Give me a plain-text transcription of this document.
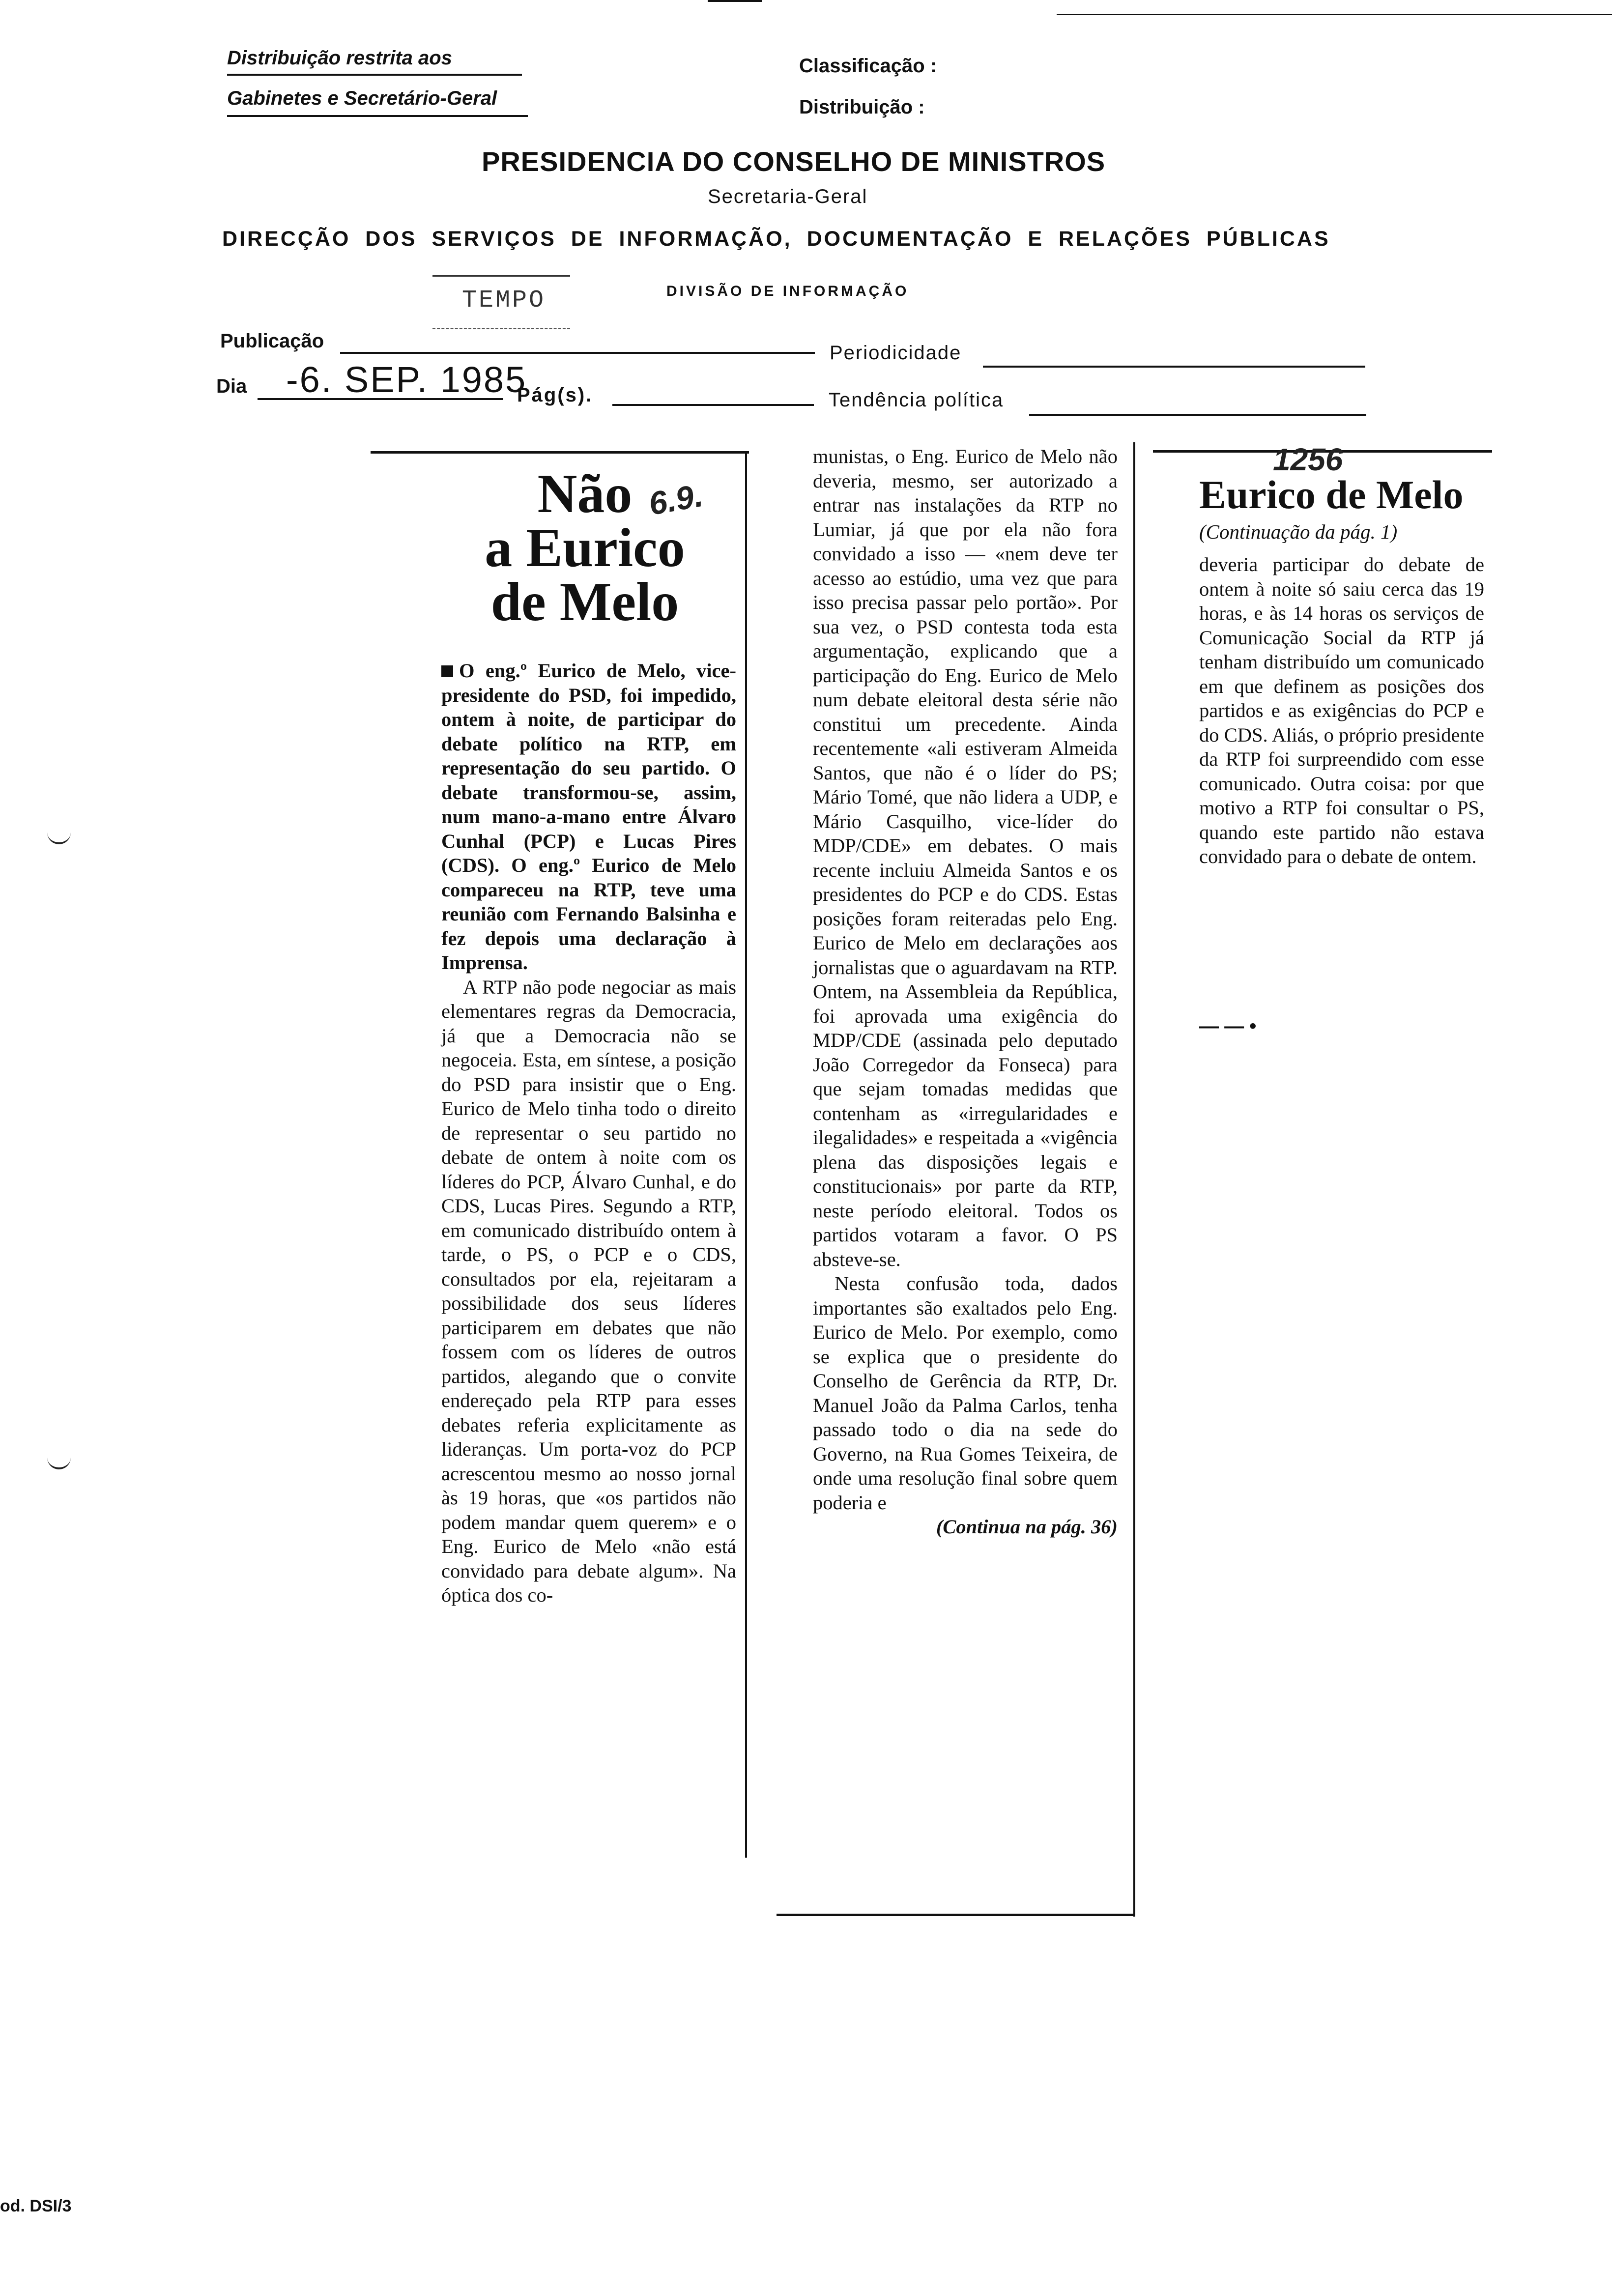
Distribuição restrita aos
Gabinetes e Secretário-Geral
Classificação :
Distribuição :
PRESIDENCIA DO CONSELHO DE MINISTROS
Secretaria-Geral
DIRECÇÃO DOS SERVIÇOS DE INFORMAÇÃO, DOCUMENTAÇÃO E RELAÇÕES PÚBLICAS
TEMPO	DIVISÃO DE INFORMAÇÃO
Publicação
Periodicidade
Dia -6. SEP. 1985
Pág(s).	Tendência política
Não
a Eurico
de Melo
6.9.

O eng.º Eurico de Melo, vice-presidente do PSD, foi impedido, ontem à noite, de participar do debate político na RTP, em representação do seu partido. O debate transformou-se, assim, num mano-a-mano entre Álvaro Cunhal (PCP) e Lucas Pires (CDS). O eng.º Eurico de Melo compareceu na RTP, teve uma reunião com Fernando Balsinha e fez depois uma declaração à Imprensa.

A RTP não pode negociar as mais elementares regras da Democracia, já que a Democracia não se negoceia. Esta, em síntese, a posição do PSD para insistir que o Eng. Eurico de Melo tinha todo o direito de representar o seu partido no debate de ontem à noite com os líderes do PCP, Álvaro Cunhal, e do CDS, Lucas Pires. Segundo a RTP, em comunicado distribuído ontem à tarde, o PS, o PCP e o CDS, consultados por ela, rejeitaram a possibilidade dos seus líderes participarem em debates que não fossem com os líderes de outros partidos, alegando que o convite endereçado pela RTP para esses debates referia explicitamente as lideranças. Um porta-voz do PCP acrescentou mesmo ao nosso jornal às 19 horas, que «os partidos não podem mandar quem querem» e o Eng. Eurico de Melo «não está convidado para debate algum». Na óptica dos co-

munistas, o Eng. Eurico de Melo não deveria, mesmo, ser autorizado a entrar nas instalações da RTP no Lumiar, já que por ela não fora convidado a isso — «nem deve ter acesso ao estúdio, uma vez que para isso precisa passar pelo portão». Por sua vez, o PSD contesta toda esta argumentação, explicando que a participação do Eng. Eurico de Melo num debate eleitoral desta série não constitui um precedente. Ainda recentemente «ali estiveram Almeida Santos, que não é o líder do PS; Mário Tomé, que não lidera a UDP, e Mário Casquilho, vice-líder do MDP/CDE» em debates. O mais recente incluiu Almeida Santos e os presidentes do PCP e do CDS. Estas posições foram reiteradas pelo Eng. Eurico de Melo em declarações aos jornalistas que o aguardavam na RTP. Ontem, na Assembleia da República, foi aprovada uma exigência do MDP/CDE (assinada pelo deputado João Corregedor da Fonseca) para que sejam tomadas medidas que contenham as «irregularidades e ilegalidades» e respeitada a «vigência plena das disposições legais e constitucionais» por parte da RTP, neste período eleitoral. Todos os partidos votaram a favor. O PS absteve-se.

Nesta confusão toda, dados importantes são exaltados pelo Eng. Eurico de Melo. Por exemplo, como se explica que o presidente do Conselho de Gerência da RTP, Dr. Manuel João da Palma Carlos, tenha passado todo o dia na sede do Governo, na Rua Gomes Teixeira, de onde uma resolução final sobre quem poderia e

(Continua na pág. 36)

Eurico de Melo
1256
(Continuação da pág. 1)
deveria participar do debate de ontem à noite só saiu cerca das 19 horas, e às 14 horas os serviços de Comunicação Social da RTP já tenham distribuído um comunicado em que definem as posições dos partidos e as exigências do PCP e do CDS. Aliás, o próprio presidente da RTP foi surpreendido com esse comunicado. Outra coisa: por que motivo a RTP foi consultar o PS, quando este partido não estava convidado para o debate de ontem.
— — •
od. DSI/3
